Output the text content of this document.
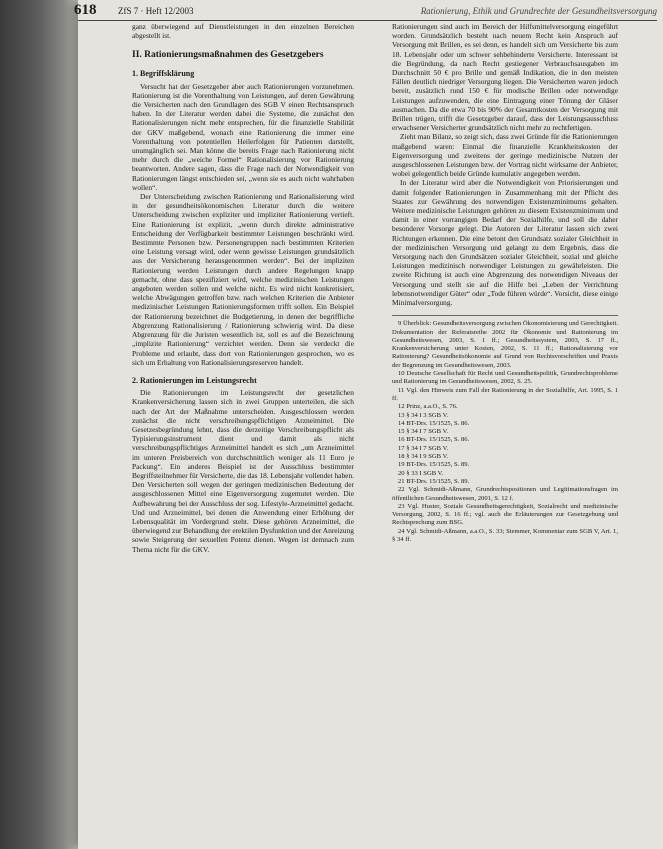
618 ZfS 7 · Heft 12/2003	Rationierung, Ethik und Grundrechte der Gesundheitsversorgung

ganz überwiegend auf Dienstleistungen in den einzelnen Bereichen abgestellt ist.

II. Rationierungsmaßnahmen des Gesetzgebers
1. Begriffsklärung

Versucht hat der Gesetzgeber aber auch Rationierungen vorzunehmen. Rationierung ist die Vorenthaltung von Leistungen, auf deren Gewährung die Versicherten nach den Grundlagen des SGB V einen Rechtsanspruch haben. In der Literatur werden dabei die Systeme, die zunächst den Rationalisierungen nicht mehr entsprechen, für die finanzielle Stabilität der GKV maßgebend, wonach eine Rationierung die immer eine Vorenthaltung von potentiellen Heilerfolgen für Patienten darstellt, unumgänglich sei. Man könne die bereits Frage nach Rationierung nicht mehr durch die „weiche Formel“ Rationalisierung vor Rationierung beantworten. Andere sagen, dass die Frage nach der Notwendigkeit von Rationierungen längst entschieden sei, „wenn sie es auch nicht wahrhaben wollen“.

Der Unterscheidung zwischen Rationierung und Rationalisierung wird in der gesundheitsökonomischen Literatur durch die weitere Unterscheidung zwischen expliziter und impliziter Rationierung vertieft. Eine Rationierung ist explizit, „wenn durch direkte administrative Entscheidung der Verfügbarkeit bestimmter Leistungen beschränkt wird. Bestimmte Personen bzw. Personengruppen nach bestimmten Kriterien eine Leistung versagt wird, oder wenn gewisse Leistungen grundsätzlich aus der Versicherung herausgenommen werden“. Bei der impliziten Rationierung werden Leistungen durch andere Regelungen knapp gemacht, ohne dass spezifiziert wird, welche medizinischen Leistungen angeboten werden sollen und welche nicht. Es wird nicht konkretisiert, welche Abwägungen getroffen bzw. nach welchen Kriterien die Anbieter medizinischer Leistungen Rationierungsformen trifft sollen. Ein Beispiel der Rationierung bezeichnet die Budgetierung, in denen der begriffliche Abgrenzung Rationalisierung / Rationierung schwierig wird. Da diese Abgrenzung für die Juristen wesentlich ist, soll es auf die Bezeichnung „implizite Rationierung“ verzichtet werden. Denn sie verdeckt die Probleme und erlaubt, dass dort von Rationierungen gesprochen, wo es sich um Erhaltung von Rationalisierungsreserven handelt.

2. Rationierungen im Leistungsrecht

Die Rationierungen im Leistungsrecht der gesetzlichen Krankenversicherung lassen sich in zwei Gruppen unterteilen, die sich nach der Art der Maßnahme unterscheiden. Ausgeschlossen werden zunächst die nicht verschreibungspflichtigen Arzneimittel. Die Gesetzesbegründung lehnt, dass die derzeitige Verschreibungspflicht als Typisierungsinstrument dient und damit als nicht verschreibungspflichtiges Arzneimittel handelt es sich „um Arzneimittel im unteren Preisbereich von durchschnittlich weniger als 11 Euro je Packung“. Ein anderes Beispiel ist der Ausschluss bestimmter Begriffsteilnehmer für Versicherte, die das 18. Lebensjahr vollendet haben. Den Versicherten soll wegen der geringen medizinischen Bedeutung der ausgeschlossenen Mittel eine Eigenversorgung zugemutet werden. Die Aufbewahrung bei der Ausschluss der sog. Lifestyle-Arzneimittel gedacht. Und und Arzneimittel, bei denen die Anwendung einer Erhöhung der Lebensqualität im Vordergrund steht. Diese gehören Arzneimittel, die überwiegend zur Behandlung der erektilen Dysfunktion und der Anreizung sowie Steigerung der sexuellen Potenz dienen. Wegen ist demnach zum Thema nicht für die GKV.

Rationierungen sind auch im Bereich der Hilfsmittelversorgung eingeführt worden. Grundsätzlich besteht nach neuem Recht kein Anspruch auf Versorgung mit Brillen, es sei denn, es handelt sich um Versicherte bis zum 18. Lebensjahr oder um schwer sehbehinderte Versicherte. Interessant ist die Begründung, da nach Recht gestiegener Verbrauchsausgaben im Durchschnitt 50 € pro Brille und gemäß Indikation, die in den meisten Fällen deutlich niedriger Versorgung liegen. Die Versicherten waren jedoch bereit, zusätzlich rund 150 € für modische Brillen oder notwendige Leistungen aufzuwenden, die eine Eintragung einer Tönung der Gläser ausmachen. Da die etwa 70 bis 90% der Gesamtkosten der Versorgung mit Brillen trügen, trifft die Gesetzgeber darauf, dass der Leistungsausschluss erwachsener Versicherter grundsätzlich nicht mehr zu rechtfertigen.

Zieht man Bilanz, so zeigt sich, dass zwei Gründe für die Rationierungen maßgebend waren: Einmal die finanzielle Krankheitskosten der Eigenversorgung und zweitens der geringe medizinische Nutzen der ausgeschlossenen Leistungen bzw. der Vortrag nicht wirksame der Anbieter, wobei gelegentlich beide Gründe kumulativ angegeben werden.

In der Literatur wird aber die Notwendigkeit von Priorisierungen und damit folgender Rationierungen in Zusammenhang mit der Pflicht des Staates zur Gewährung des notwendigen Existenzminimums gehalten. Weitere medizinische Leistungen gehören zu diesem Existenzminimum und damit in einer vorrangigen Bedarf der Sozialhilfe, und soll die daher besonderer Vorsorge gelegt. Die Autoren der Literatur lassen sich zwei Richtungen erkennen. Die eine betont den Grundsatz sozialer Gleichheit in der medizinischen Versorgung und gelangt zu dem Ergebnis, dass die Versorgung nach den Grundsätzen sozialer Gleichheit, sozial und gleiche Leistungen medizinisch notwendiger Leistungen zu gewährleisten. Die zweite Richtung ist auch eine Abgrenzung des notwendigen Niveaus der Versorgung und stellt sie auf die Hilfe bei „Leben der Verrichtung lebensnotwendiger Güter“ oder „Tode führen würde“. Vorsicht, diese einige Minimalversorgung.

9 Überblick: Gesundheitsversorgung zwischen Ökonomisierung und Gerechtigkeit. Dokumentation der Referatsreihe 2002 für Ökonomie und Rationierung im Gesundheitswesen, 2003, S. 1 ff.; Gesundheitssystem, 2003, S. 17 ff., Krankenversicherung unter Kosten, 2002, S. 11 ff.; Rationalisierung vor Rationierung? Gesundheitsökonomie auf Grund von Rechtsvorschriften und Praxis der Begrenzung im Gesundheitswesen, 2003.

10 Deutsche Gesellschaft für Recht und Gesundheitspolitik, Grundrechtsprobleme und Rationierung im Gesundheitswesen, 2002, S. 25.

11 Vgl. den Hinweis zum Fall der Rationierung in der Sozialhilfe, Art. 1995, S. 1 ff.

12 Prinz, a.a.O., S. 76.

13 § 34 I 3 SGB V.

14 BT-Drs. 15/1525, S. 86.

15 § 34 I 7 SGB V.

16 BT-Drs. 15/1525, S. 86.

17 § 34 I 7 SGB V.

18 § 34 I 9 SGB V.

19 BT-Drs. 15/1525, S. 89.

20 § 33 I SGB V.

21 BT-Drs. 15/1525, S. 89.

22 Vgl. Schmidt-Aßmann, Grundrechtspositionen und Legitimationsfragen im öffentlichen Gesundheitswesen, 2001, S. 12 f.

23 Vgl. Huster, Soziale Gesundheitsgerechtigkeit, Sozialrecht und medizinische Versorgung, 2002, S. 16 ff.; vgl. auch die Erläuterungen zur Gesetzgebung und Rechtsprechung zum BSG.

24 Vgl. Schmidt-Aßmann, a.a.O., S. 33; Stemmer, Kommentar zum SGB V, Art. 1, § 34 ff.
